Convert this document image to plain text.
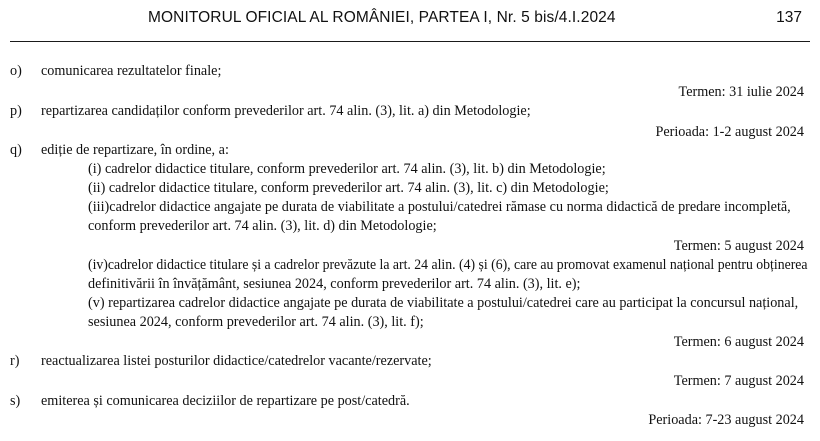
MONITORUL OFICIAL AL ROMÂNIEI, PARTEA I, Nr. 5 bis/4.I.2024	137
o) comunicarea rezultatelor finale;
Termen: 31 iulie 2024
p) repartizarea candidaților conform prevederilor art. 74 alin. (3), lit. a) din Metodologie;
Perioada: 1-2 august 2024
q) ediție de repartizare, în ordine, a:
(i) cadrelor didactice titulare, conform prevederilor art. 74 alin. (3), lit. b) din Metodologie;
(ii) cadrelor didactice titulare, conform prevederilor art. 74 alin. (3), lit. c) din Metodologie;
(iii)cadrelor didactice angajate pe durata de viabilitate a postului/catedrei rămase cu norma didactică de predare incompletă,
conform prevederilor art. 74 alin. (3), lit. d) din Metodologie;
Termen: 5 august 2024
(iv)cadrelor didactice titulare și a cadrelor prevăzute la art. 24 alin. (4) și (6), care au promovat examenul național pentru obținerea
definitivării în învățământ, sesiunea 2024, conform prevederilor art. 74 alin. (3), lit. e);
(v) repartizarea cadrelor didactice angajate pe durata de viabilitate a postului/catedrei care au participat la concursul național,
sesiunea 2024, conform prevederilor art. 74 alin. (3), lit. f);
Termen: 6 august 2024
r) reactualizarea listei posturilor didactice/catedrelor vacante/rezervate;
Termen: 7 august 2024
s) emiterea și comunicarea deciziilor de repartizare pe post/catedră.
Perioada: 7-23 august 2024
